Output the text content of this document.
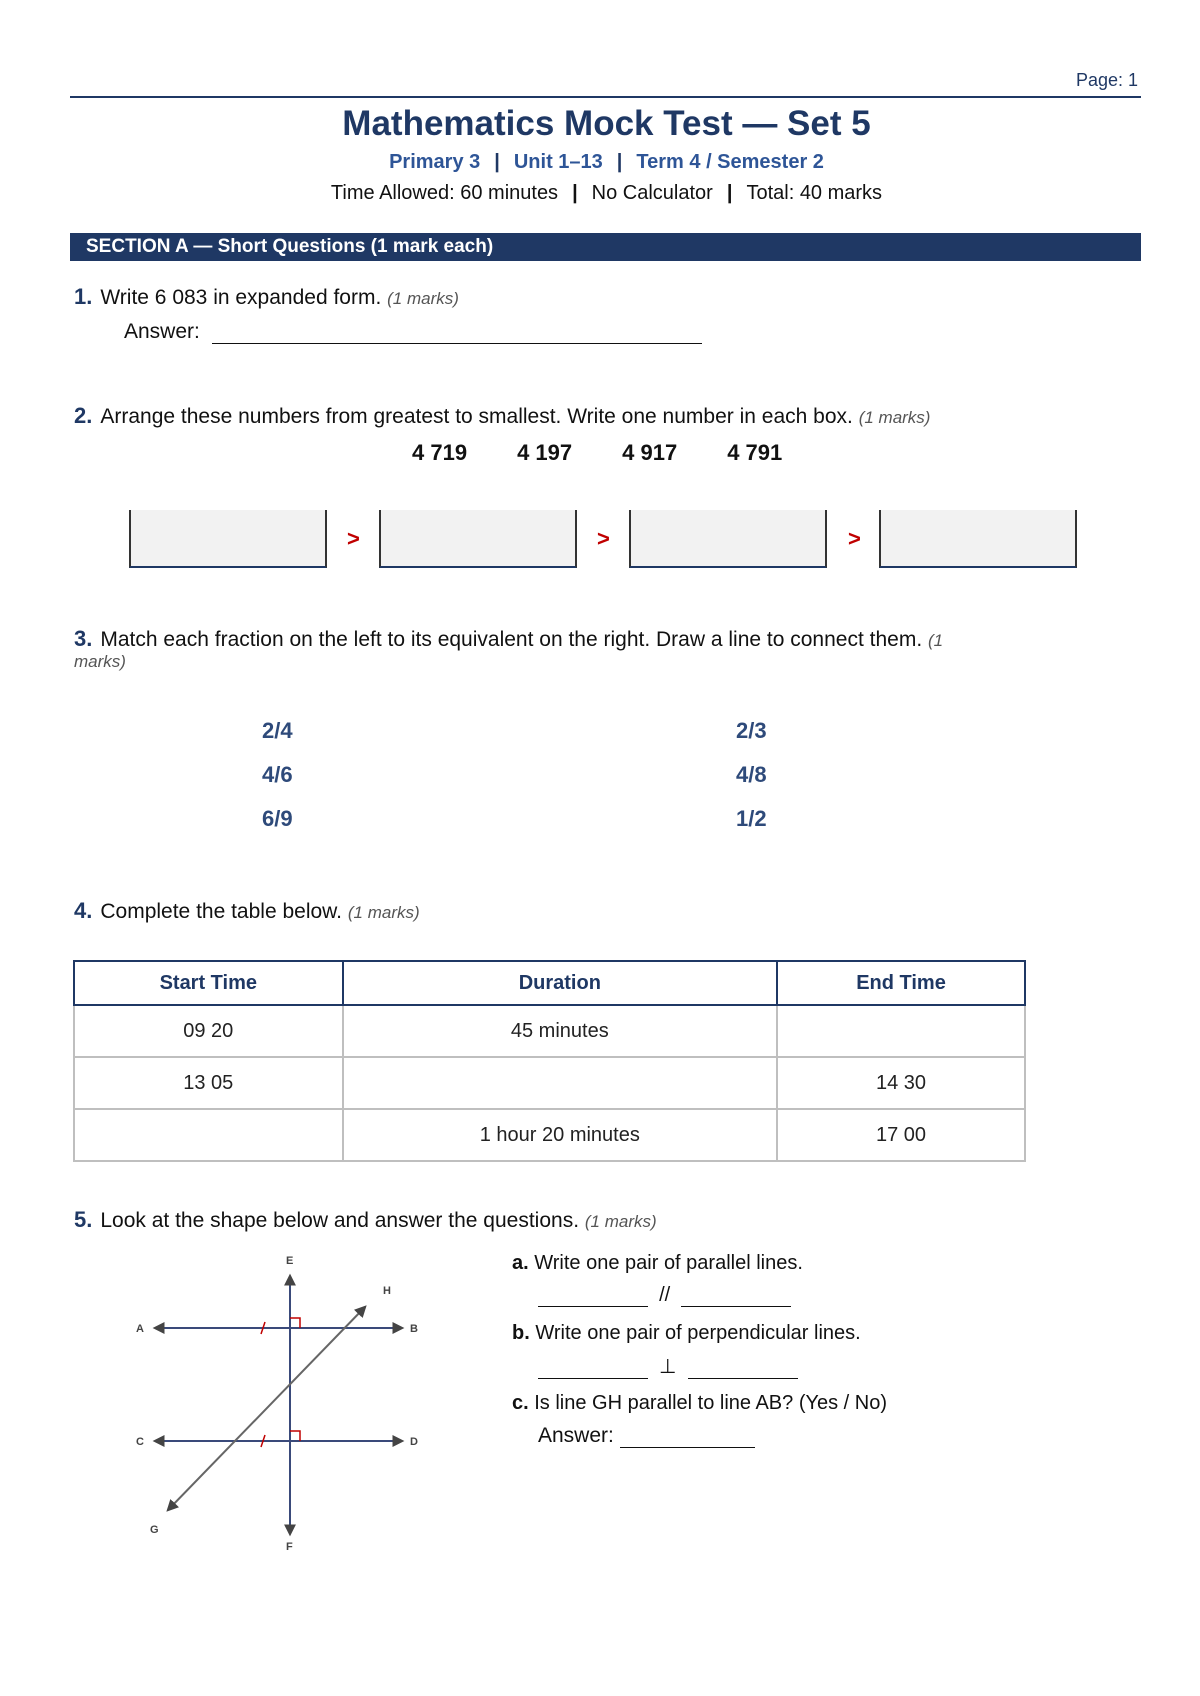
Page: 1
Mathematics Mock Test — Set 5
Primary 3 | Unit 1–13 | Term 4 / Semester 2
Time Allowed: 60 minutes | No Calculator | Total: 40 marks
SECTION A — Short Questions (1 mark each)
1. Write 6 083 in expanded form. (1 marks)
Answer:
2. Arrange these numbers from greatest to smallest. Write one number in each box. (1 marks)
4 719 4 197 4 917 4 791
>	>	>
3. Match each fraction on the left to its equivalent on the right. Draw a line to connect them. (1
marks)
2/4
4/6
6/9
2/3
4/8
1/2
4. Complete the table below. (1 marks)
Start Time	Duration	End Time
09 20	45 minutes	
13 05		14 30
	1 hour 20 minutes	17 00
5. Look at the shape below and answer the questions. (1 marks)
E
H
A	B
C	D
G
F
a. Write one pair of parallel lines.
//
b. Write one pair of perpendicular lines.
⊥
c. Is line GH parallel to line AB? (Yes / No)
Answer:
